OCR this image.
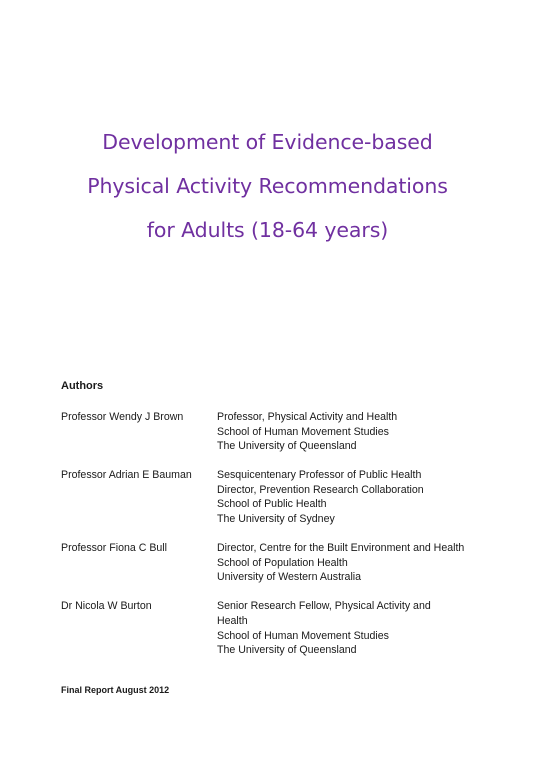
Development of Evidence-based
Physical Activity Recommendations
for Adults (18-64 years)
Authors
Professor Wendy J Brown	Professor, Physical Activity and Health
School of Human Movement Studies
The University of Queensland
Professor Adrian E Bauman	Sesquicentenary Professor of Public Health
Director, Prevention Research Collaboration
School of Public Health
The University of Sydney
Professor Fiona C Bull	Director, Centre for the Built Environment and Health
School of Population Health
University of Western Australia
Dr Nicola W Burton	Senior Research Fellow, Physical Activity and
Health
School of Human Movement Studies
The University of Queensland
Final Report August 2012
